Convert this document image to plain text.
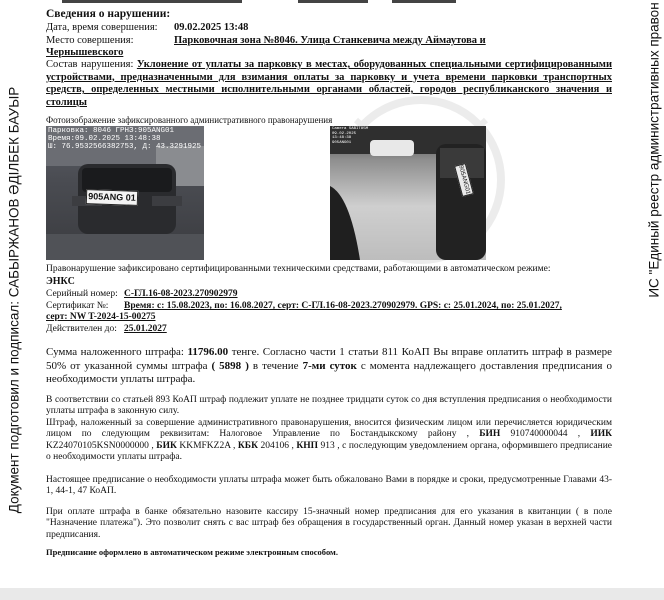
Документ подготовил и подписал: САБЫРЖАНОВ ӘДІЛБЕК БАУЫР	ИС "Единый реестр административных правон
Сведения о нарушении:
Дата, время совершения: 09.02.2025 13:48
Место совершения:	Парковочная зона №8046. Улица Станкевича между Аймаутова и
Чернышевского
Состав нарушения: Уклонение от уплаты за парковку в местах, оборудованных специальными сертифицированными устройствами, предназначенными для взимания оплаты за парковку и учета времени парковки транспортных средств, определенных местными исполнительными органами областей, городов республиканского значения и столицы
Фотоизображение зафиксированного административного правонарушения
Парковка: 8046 ГРНЗ:905ANG01
Время:09.02.2025 13:48:38
Ш: 76.9532566382753, Д: 43.3291925
905ANG 01
Camera SABIT85M
09.02.2025
13:48:38
905ANG01
905ANG01
Правонарушение зафиксировано сертифицированными техническими средствами, работающими в автоматическом режиме:
ЭНКС
Серийный номер: С-ГЛ.16-08-2023.270902979
Сертификат №: Время: с: 15.08.2023, по: 16.08.2027, серт: С-ГЛ.16-08-2023.270902979. GPS: с: 25.01.2024, по: 25.01.2027,
серт: NW T-2024-15-00275
Действителен до: 25.01.2027
Сумма наложенного штрафа: 11796.00 тенге. Согласно части 1 статьи 811 КоАП Вы вправе оплатить штраф в размере 50% от указанной суммы штрафа ( 5898 ) в течение 7-ми суток с момента надлежащего доставления предписания о необходимости уплаты штрафа.
В соответствии со статьей 893 КоАП штраф подлежит уплате не позднее тридцати суток со дня вступления предписания о необходимости уплаты штрафа в законную силу.
Штраф, наложенный за совершение административного правонарушения, вносится физическим лицом или перечисляется юридическим лицом по следующим реквизитам: Налоговое Управление по Бостандыкскому району , БИН 910740000044 , ИИК KZ24070105KSN0000000 , БИК KKMFKZ2A , КБК 204106 , КНП 913 , с последующим уведомлением органа, оформившего предписание о необходимости уплаты штрафа.
Настоящее предписание о необходимости уплаты штрафа может быть обжаловано Вами в порядке и сроки, предусмотренные Главами 43-1, 44-1, 47 КоАП.
При оплате штрафа в банке обязательно назовите кассиру 15-значный номер предписания для его указания в квитанции ( в поле "Назначение платежа"). Это позволит снять с вас штраф без обращения в государственный орган. Данный номер указан в верхней части предписания.
Предписание оформлено в автоматическом режиме электронным способом.
